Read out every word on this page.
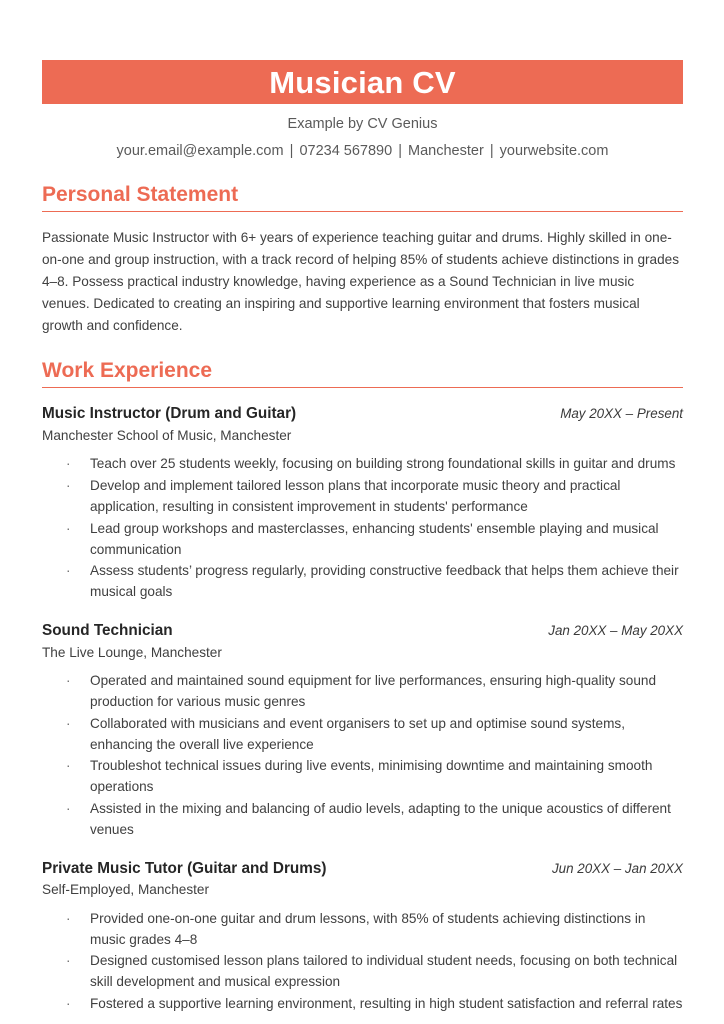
Musician CV
Example by CV Genius
your.email@example.com | 07234 567890 | Manchester | yourwebsite.com
Personal Statement
Passionate Music Instructor with 6+ years of experience teaching guitar and drums. Highly skilled in one-on-one and group instruction, with a track record of helping 85% of students achieve distinctions in grades 4–8. Possess practical industry knowledge, having experience as a Sound Technician in live music venues. Dedicated to creating an inspiring and supportive learning environment that fosters musical growth and confidence.
Work Experience
Music Instructor (Drum and Guitar)	May 20XX – Present
Manchester School of Music, Manchester
· Teach over 25 students weekly, focusing on building strong foundational skills in guitar and drums
· Develop and implement tailored lesson plans that incorporate music theory and practical application, resulting in consistent improvement in students' performance
· Lead group workshops and masterclasses, enhancing students' ensemble playing and musical communication
· Assess students’ progress regularly, providing constructive feedback that helps them achieve their musical goals
Sound Technician	Jan 20XX – May 20XX
The Live Lounge, Manchester
· Operated and maintained sound equipment for live performances, ensuring high-quality sound production for various music genres
· Collaborated with musicians and event organisers to set up and optimise sound systems, enhancing the overall live experience
· Troubleshot technical issues during live events, minimising downtime and maintaining smooth operations
· Assisted in the mixing and balancing of audio levels, adapting to the unique acoustics of different venues
Private Music Tutor (Guitar and Drums)	Jun 20XX – Jan 20XX
Self-Employed, Manchester
· Provided one-on-one guitar and drum lessons, with 85% of students achieving distinctions in music grades 4–8
· Designed customised lesson plans tailored to individual student needs, focusing on both technical skill development and musical expression
· Fostered a supportive learning environment, resulting in high student satisfaction and referral rates
